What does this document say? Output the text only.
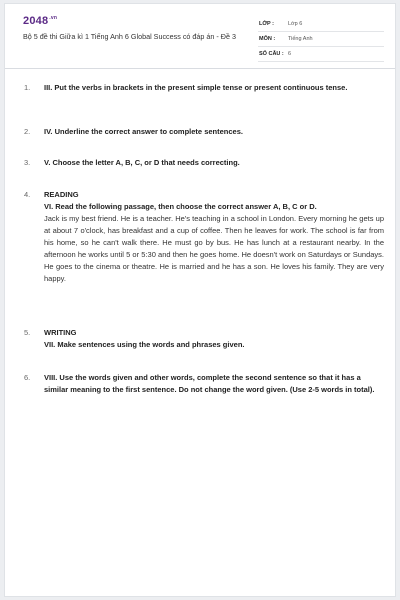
$2048^{.vn}$
Bộ 5 đề thi Giữa kì 1 Tiếng Anh 6 Global Success có đáp án - Đề 3
LỚP :	Lớp 6
MÔN : Tiếng Anh
SỐ CÂU : 6
1. III. Put the verbs in brackets in the present simple tense or present continuous tense.
2. IV. Underline the correct answer to complete sentences.
3. V. Choose the letter A, B, C, or D that needs correcting.
4. READING
VI. Read the following passage, then choose the correct answer A, B, C or D.
Jack is my best friend. He is a teacher. He's teaching in a school in London. Every morning he gets up at about 7 o'clock, has breakfast and a cup of coffee. Then he leaves for work. The school is far from his home, so he can't walk there. He must go by bus. He has lunch at a restaurant nearby. In the afternoon he works until 5 or 5:30 and then he goes home. He doesn't work on Saturdays or Sundays. He goes to the cinema or theatre. He is married and he has a son. He loves his family. They are very happy.
5. WRITING
VII. Make sentences using the words and phrases given.
6. VIII. Use the words given and other words, complete the second sentence so that it has a similar meaning to the first sentence. Do not change the word given. (Use 2-5 words in total).
